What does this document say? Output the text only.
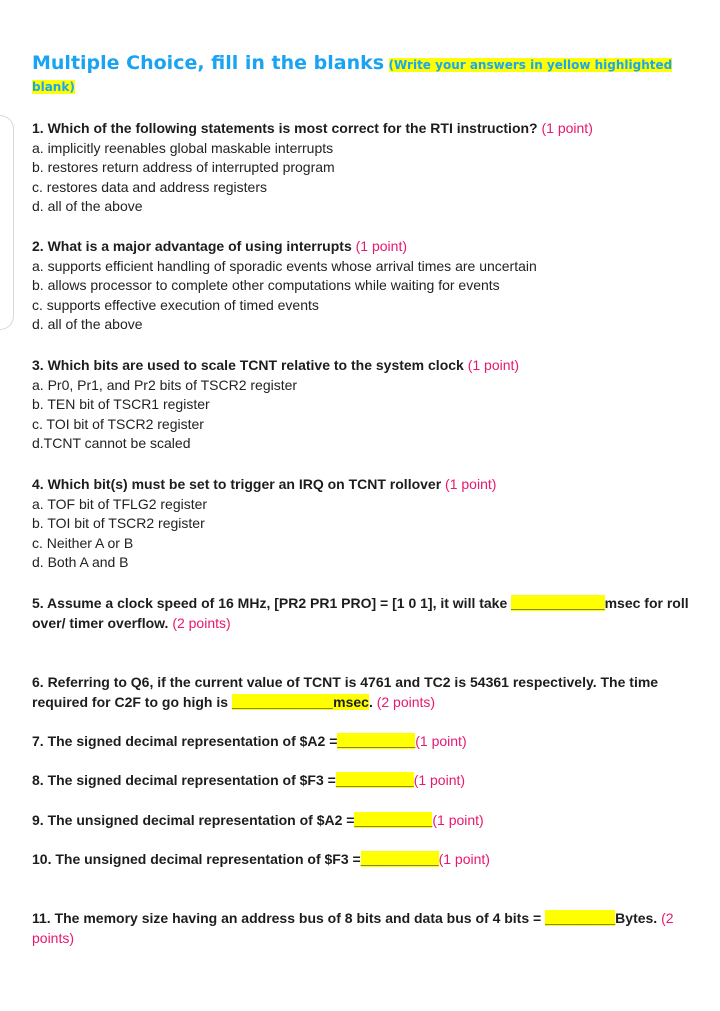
Multiple Choice, fill in the blanks (Write your answers in yellow highlighted blank)
1. Which of the following statements is most correct for the RTI instruction? (1 point)
a. implicitly reenables global maskable interrupts
b. restores return address of interrupted program
c. restores data and address registers
d. all of the above
2. What is a major advantage of using interrupts (1 point)
a. supports efficient handling of sporadic events whose arrival times are uncertain
b. allows processor to complete other computations while waiting for events
c. supports effective execution of timed events
d. all of the above
3. Which bits are used to scale TCNT relative to the system clock (1 point)
a. Pr0, Pr1, and Pr2 bits of TSCR2 register
b. TEN bit of TSCR1 register
c. TOI bit of TSCR2 register
d.TCNT cannot be scaled
4. Which bit(s) must be set to trigger an IRQ on TCNT rollover (1 point)
a. TOF bit of TFLG2 register
b. TOI bit of TSCR2 register
c. Neither A or B
d. Both A and B
5. Assume a clock speed of 16 MHz, [PR2 PR1 PRO] = [1 0 1], it will take ____________msec for roll over/ timer overflow. (2 points)
6. Referring to Q6, if the current value of TCNT is 4761 and TC2 is 54361 respectively. The time required for C2F to go high is _____________msec. (2 points)
7. The signed decimal representation of $A2 =__________(1 point)
8. The signed decimal representation of $F3 =__________(1 point)
9. The unsigned decimal representation of $A2 =__________(1 point)
10. The unsigned decimal representation of $F3 =__________(1 point)
11. The memory size having an address bus of 8 bits and data bus of 4 bits = _________Bytes. (2 points)
